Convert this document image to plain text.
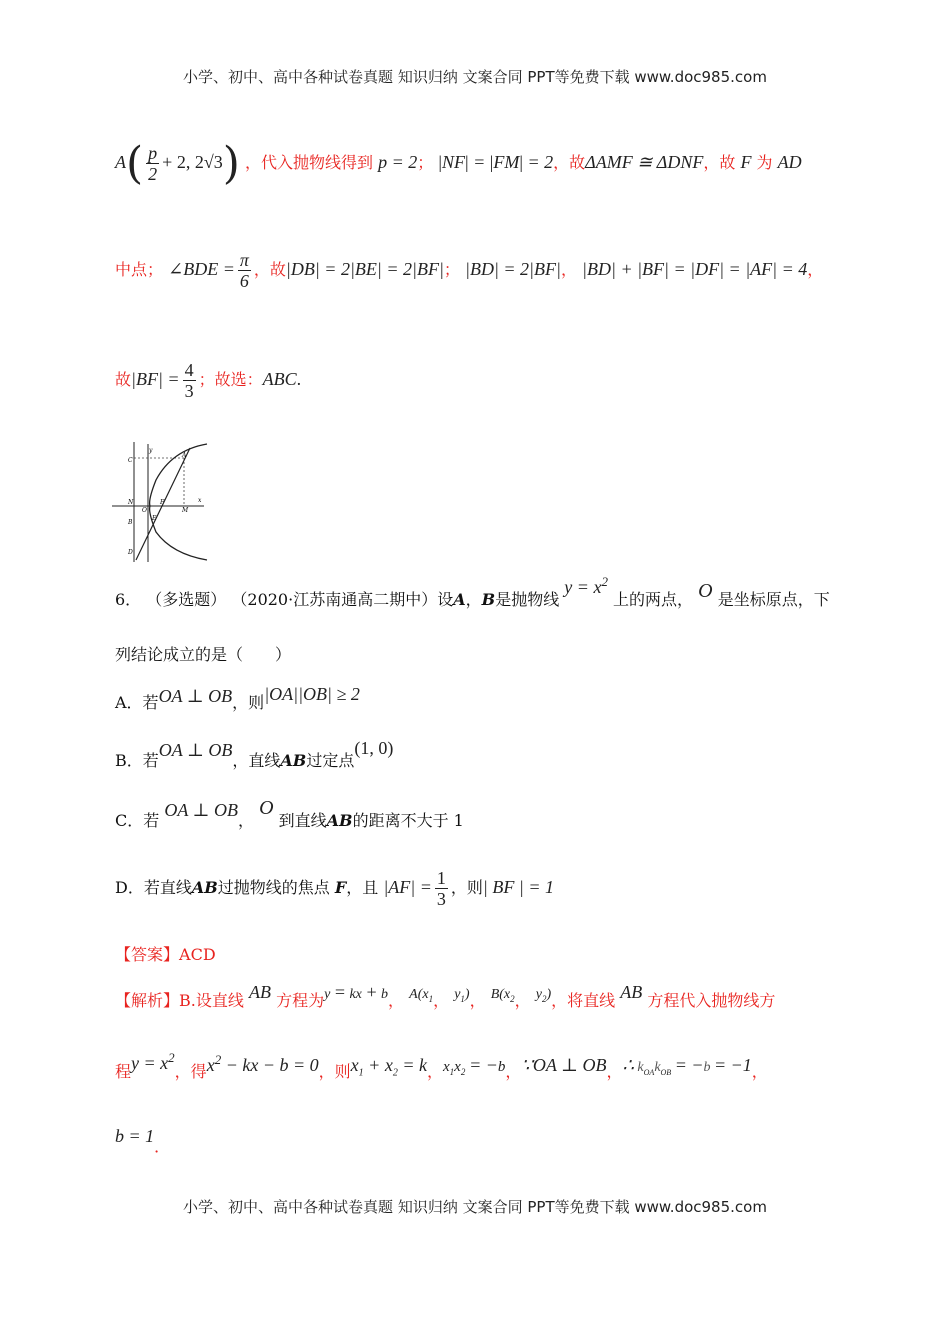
小学、初中、高中各种试卷真题 知识归纳 文案合同 PPT等免费下载 www.doc985.com
$A( \frac{p}{2} + 2$, 2√3) ，代入抛物线得到 p = 2； |NF| = |FM| = 2，故ΔAMF ≅ ΔDNF，故 F 为 AD
中点； ∠BDE = $\frac{\pi}{6}$ ，故|DB| = 2|BE| = 2|BF|； |BD| = 2|BF|， |BD| + |BF| = |DF| = |AF| = 4，
故$|BF| = \frac{4}{3}$ ；故选：ABC.
y
A
C
N
O
F
M
x
E
B
D
6． （多选题） （2020·江苏南通高二期中）设A，B是抛物线 $y = x^2$ 上的两点， O 是坐标原点，下
列结论成立的是（　　）
A．若OA ⊥ OB，则|OA||OB| ≥ 2
B．若OA ⊥ OB，直线AB过定点(1, 0)
C．若 OA ⊥ OB， O 到直线AB的距离不大于 1
D．若直线AB过抛物线的焦点 F，且 $|AF| = \frac{1}{3}$ ，则| BF | = 1
【答案】ACD
【解析】B.设直线 AB 方程为y = kx + b， $A(x_1$， $y_1$)， $B(x_2$， $y_2$)，将直线 AB 方程代入抛物线方
程$y = x^2$，得$x^2$ − kx − b = 0，则$x_1 + x_2 = k$，$x_1x_2 = -b$，∵OA ⊥ OB，∴ $k_{OA}k_{OB} = -b = -1$，
b = 1．
小学、初中、高中各种试卷真题 知识归纳 文案合同 PPT等免费下载 www.doc985.com
